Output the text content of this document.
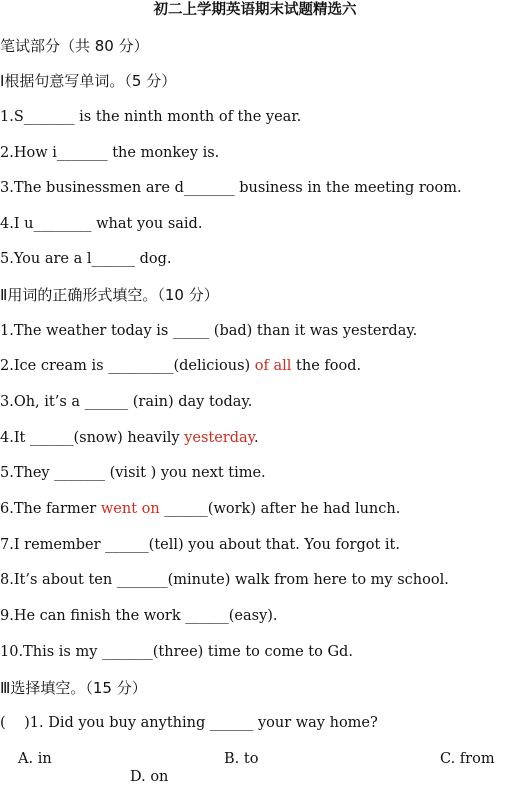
初二上学期英语期末试题精选六
笔试部分（共 80 分）
Ⅰ根据句意写单词。（5 分）
1.S_______ is the ninth month of the year.
2.How i_______ the monkey is.
3.The businessmen are d_______ business in the meeting room.
4.I u________ what you said.
5.You are a l______ dog.
Ⅱ用词的正确形式填空。（10 分）
1.The weather today is _____ (bad) than it was yesterday.
2.Ice cream is _________(delicious) of all the food.
3.Oh, it’s a ______ (rain) day today.
4.It ______(snow) heavily yesterday.
5.They _______ (visit ) you next time.
6.The farmer went on ______(work) after he had lunch.
7.I remember ______(tell) you about that. You forgot it.
8.It’s about ten _______(minute) walk from here to my school.
9.He can finish the work ______(easy).
10.This is my _______(three) time to come to Gd.
Ⅲ选择填空。（15 分）
(    )1. Did you buy anything ______ your way home?
A. in	B. to	C. from
D. on
